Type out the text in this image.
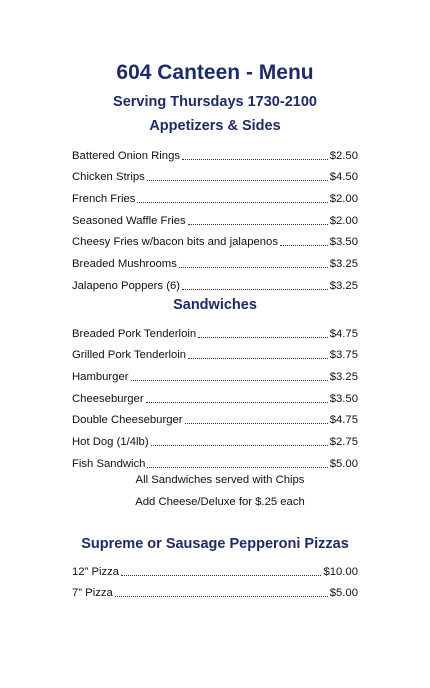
604 Canteen - Menu
Serving Thursdays 1730-2100
Appetizers & Sides
Battered Onion Rings	$2.50
Chicken Strips	$4.50
French Fries	$2.00
Seasoned Waffle Fries	$2.00
Cheesy Fries w/bacon bits and jalapenos	$3.50
Breaded Mushrooms	$3.25
Jalapeno Poppers (6)	$3.25
Sandwiches
Breaded Pork Tenderloin	$4.75
Grilled Pork Tenderloin	$3.75
Hamburger	$3.25
Cheeseburger	$3.50
Double Cheeseburger	$4.75
Hot Dog (1/4lb)	$2.75
Fish Sandwich	$5.00
All Sandwiches served with Chips
Add Cheese/Deluxe for $.25 each
Supreme or Sausage Pepperoni Pizzas
12” Pizza	$10.00
7” Pizza	$5.00
